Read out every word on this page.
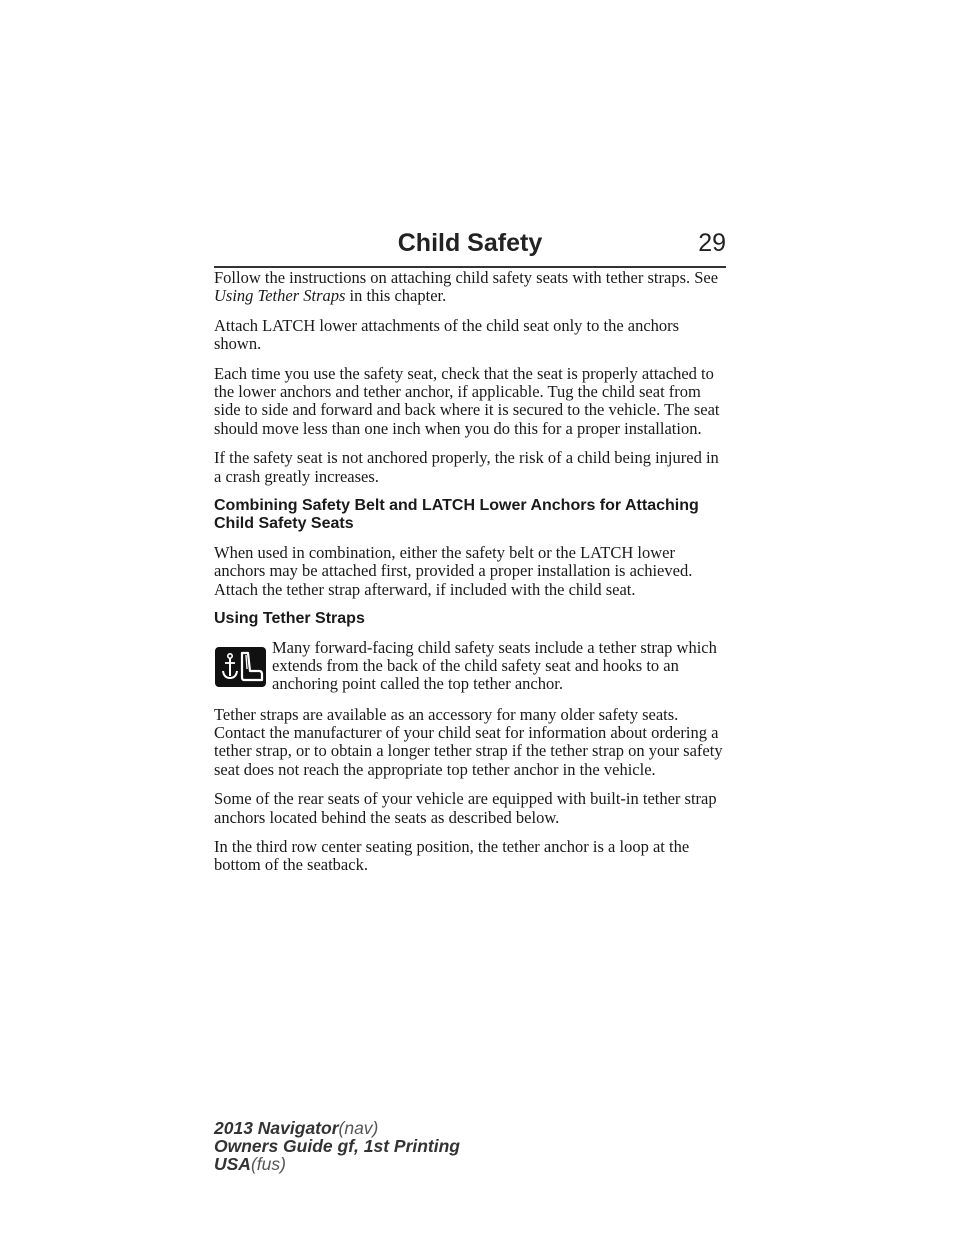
Child Safety	29

Follow the instructions on attaching child safety seats with tether straps. See Using Tether Straps in this chapter.

Attach LATCH lower attachments of the child seat only to the anchors shown.

Each time you use the safety seat, check that the seat is properly attached to the lower anchors and tether anchor, if applicable. Tug the child seat from side to side and forward and back where it is secured to the vehicle. The seat should move less than one inch when you do this for a proper installation.

If the safety seat is not anchored properly, the risk of a child being injured in a crash greatly increases.

Combining Safety Belt and LATCH Lower Anchors for Attaching Child Safety Seats

When used in combination, either the safety belt or the LATCH lower anchors may be attached first, provided a proper installation is achieved. Attach the tether strap afterward, if included with the child seat.

Using Tether Straps
Many forward-facing child safety seats include a tether strap which extends from the back of the child safety seat and hooks to an anchoring point called the top tether anchor.

Tether straps are available as an accessory for many older safety seats. Contact the manufacturer of your child seat for information about ordering a tether strap, or to obtain a longer tether strap if the tether strap on your safety seat does not reach the appropriate top tether anchor in the vehicle.

Some of the rear seats of your vehicle are equipped with built-in tether strap anchors located behind the seats as described below.

In the third row center seating position, the tether anchor is a loop at the bottom of the seatback.

2013 Navigator(nav)
Owners Guide gf, 1st Printing
USA(fus)
